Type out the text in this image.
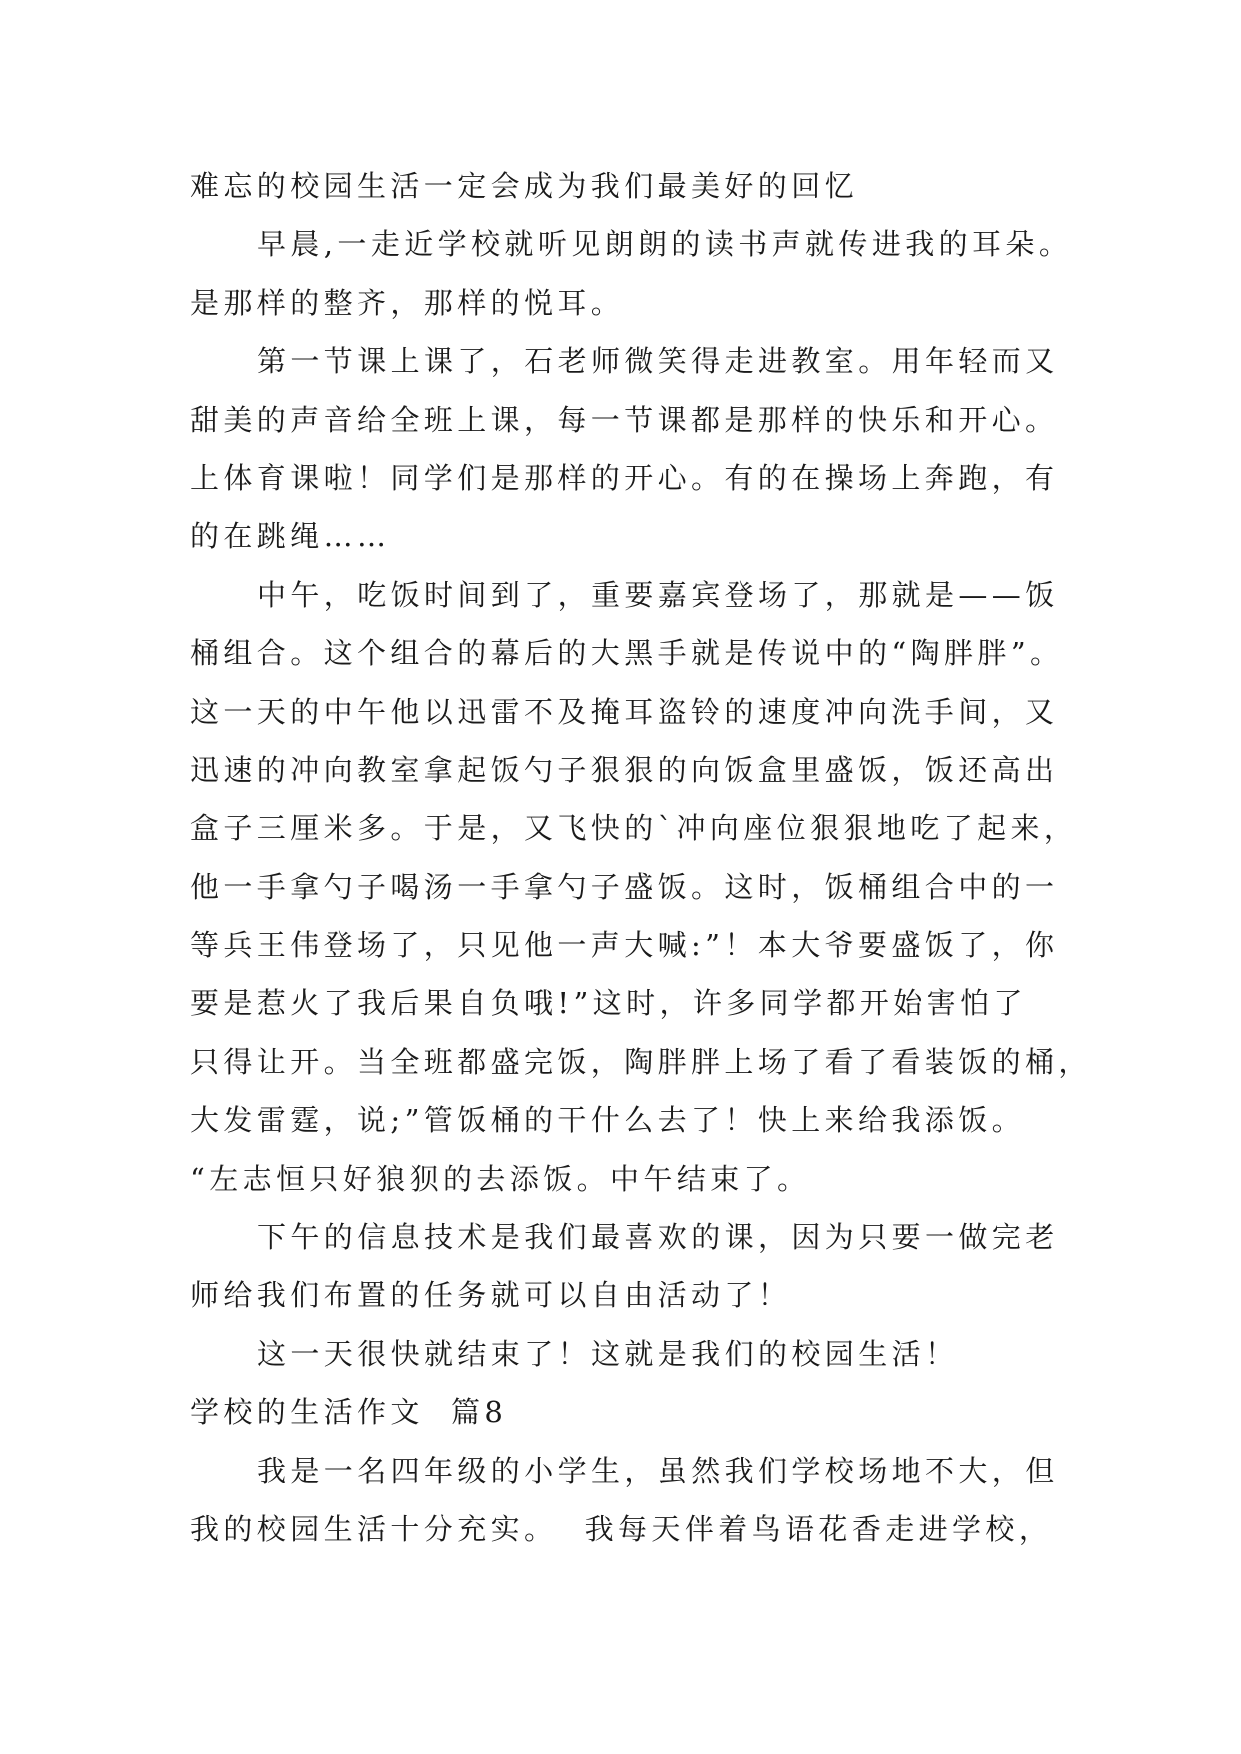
难忘的校园生活一定会成为我们最美好的回忆
早晨,一走近学校就听见朗朗的读书声就传进我的耳朵。
是那样的整齐，那样的悦耳。
第一节课上课了，石老师微笑得走进教室。用年轻而又
甜美的声音给全班上课，每一节课都是那样的快乐和开心。
上体育课啦！同学们是那样的开心。有的在操场上奔跑，有
的在跳绳……
中午，吃饭时间到了，重要嘉宾登场了，那就是——饭
桶组合。这个组合的幕后的大黑手就是传说中的“陶胖胖”。
这一天的中午他以迅雷不及掩耳盗铃的速度冲向洗手间，又
迅速的冲向教室拿起饭勺子狠狠的向饭盒里盛饭，饭还高出
盒子三厘米多。于是，又飞快的`冲向座位狠狠地吃了起来，
他一手拿勺子喝汤一手拿勺子盛饭。这时，饭桶组合中的一
等兵王伟登场了，只见他一声大喊:”！本大爷要盛饭了，你
要是惹火了我后果自负哦!”这时，许多同学都开始害怕了
只得让开。当全班都盛完饭，陶胖胖上场了看了看装饭的桶，
大发雷霆，说;”管饭桶的干什么去了！快上来给我添饭。
“左志恒只好狼狈的去添饭。中午结束了。
下午的信息技术是我们最喜欢的课，因为只要一做完老
师给我们布置的任务就可以自由活动了！
这一天很快就结束了！这就是我们的校园生活！
学校的生活作文  篇8
我是一名四年级的小学生，虽然我们学校场地不大，但
我的校园生活十分充实。  我每天伴着鸟语花香走进学校，
